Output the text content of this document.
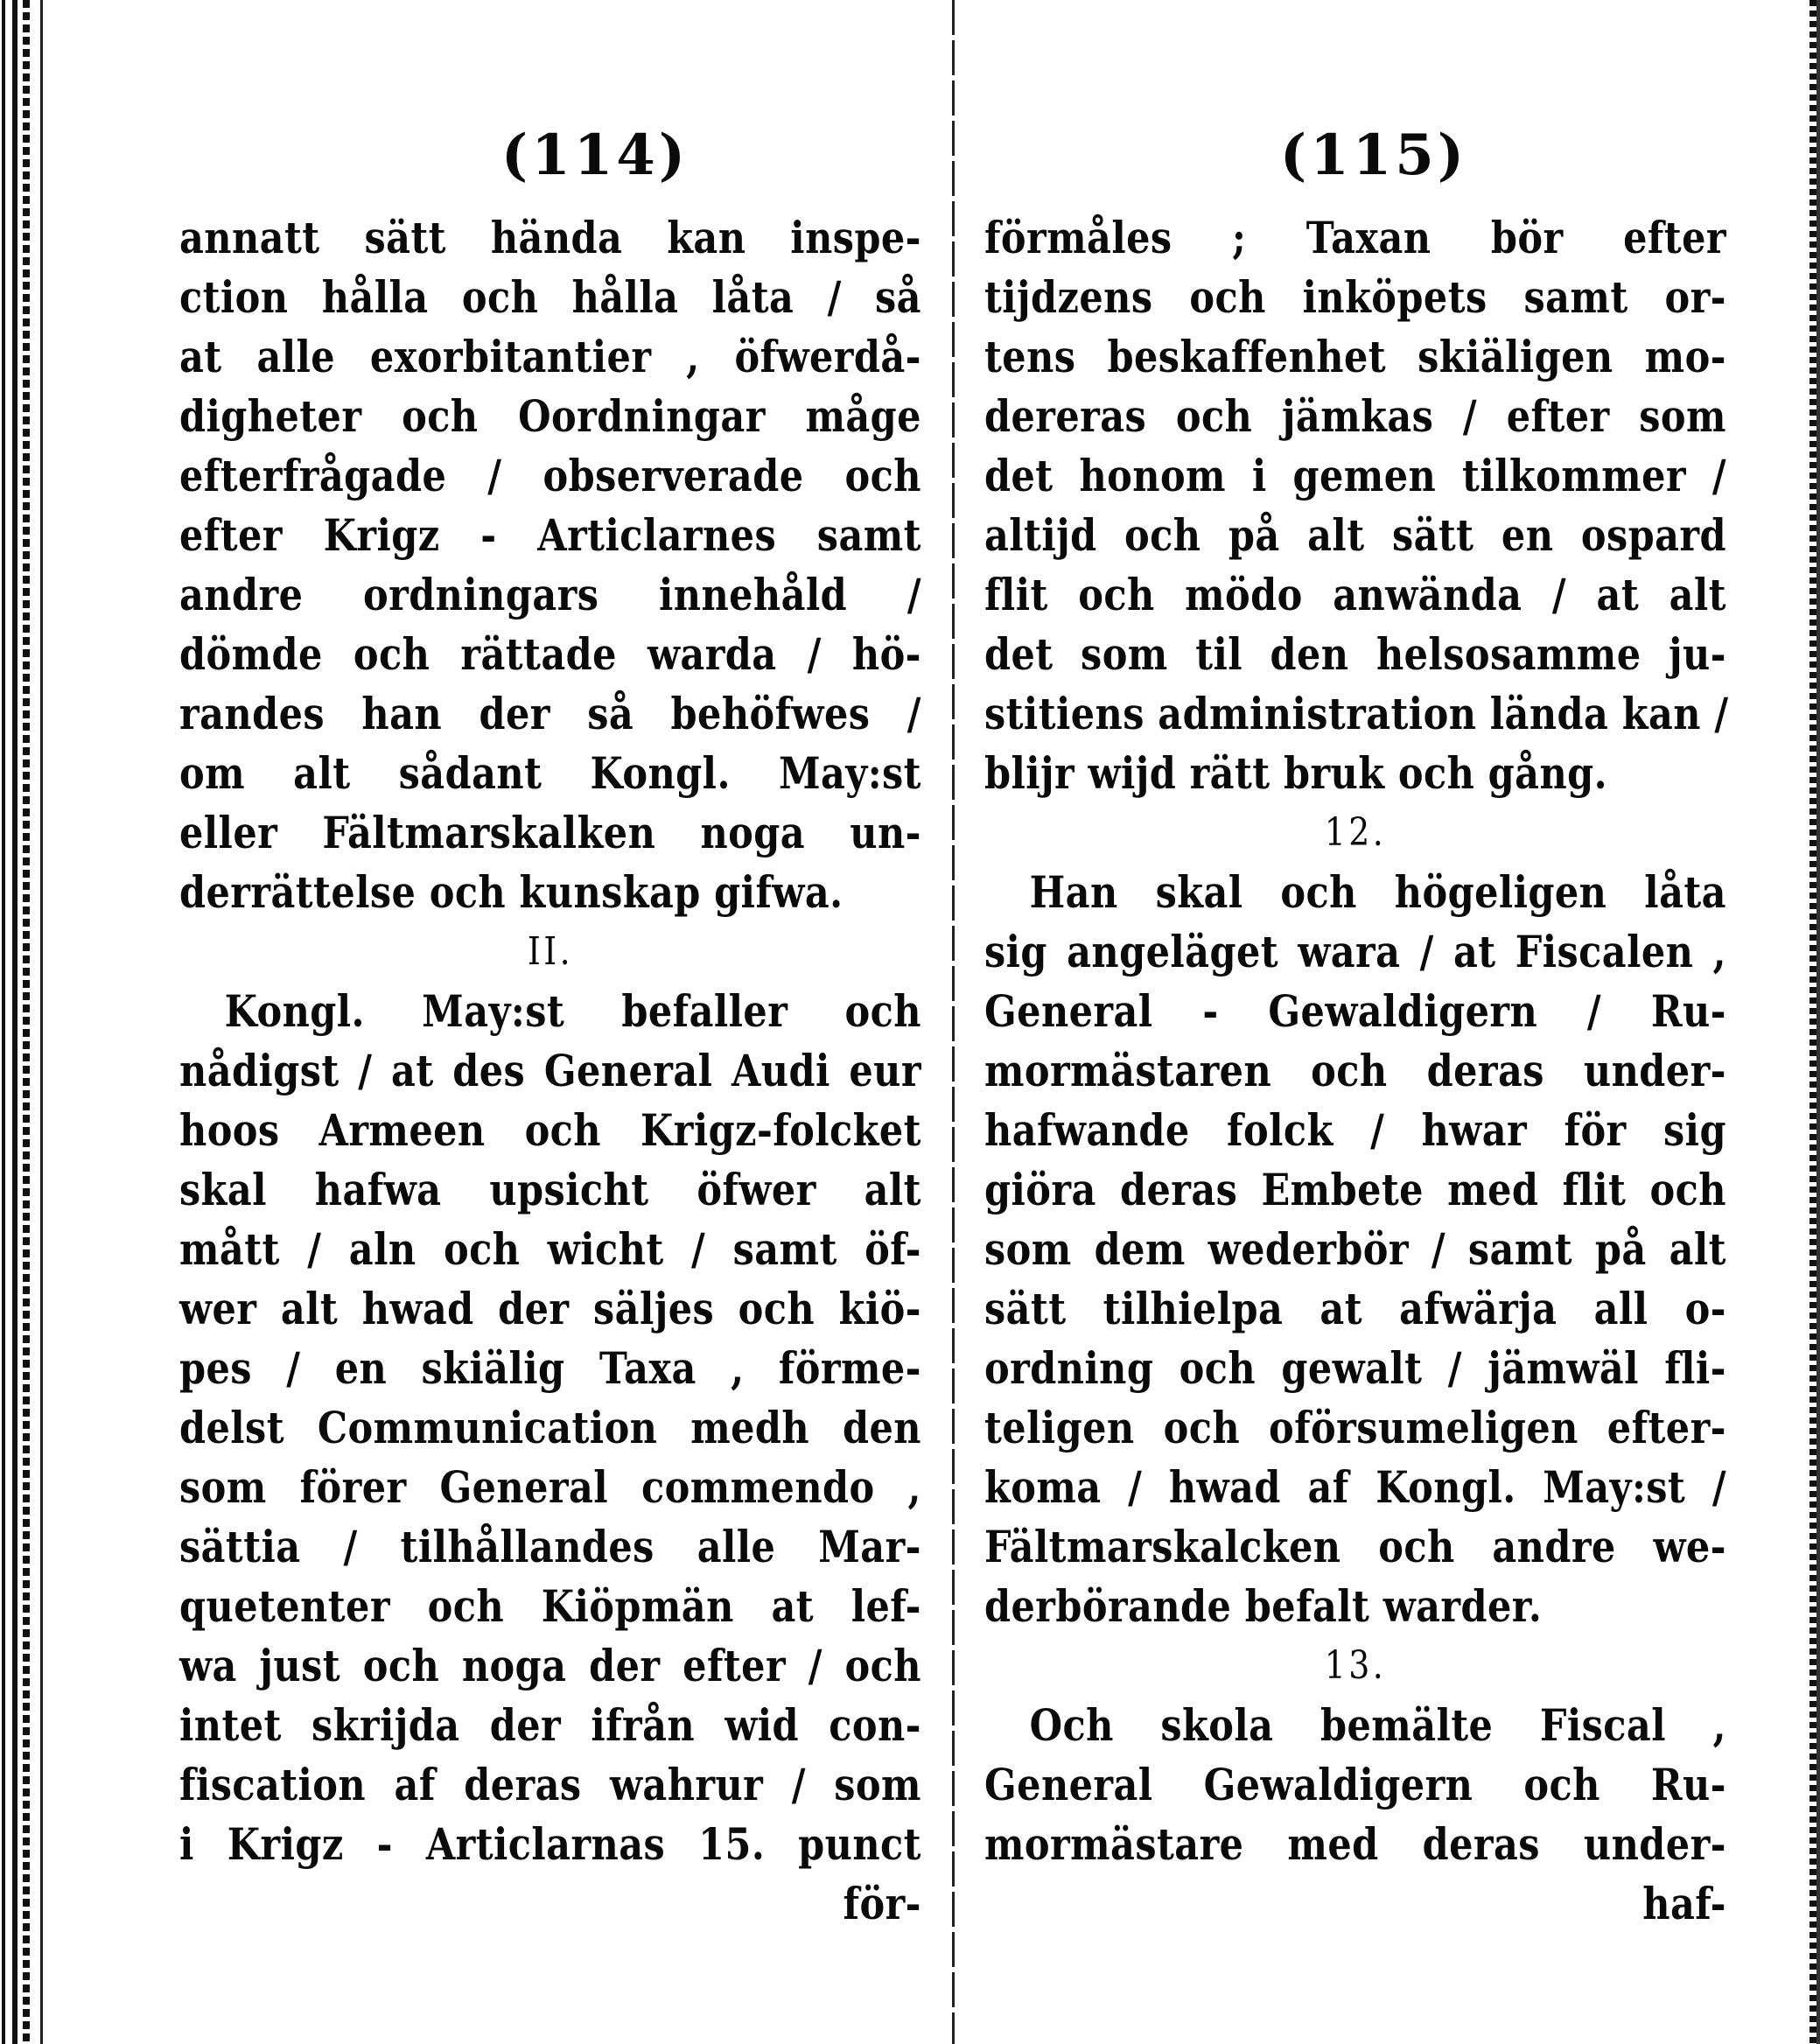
(114)
annatt sätt hända kan inspe-
ction hålla och hålla låta / så
at alle exorbitantier , öfwerdå-
digheter och Oordningar måge
efterfrågade / observerade och
efter Krigz - Articlarnes samt
andre ordningars innehåld /
dömde och rättade warda / hö-
randes han der så behöfwes /
om alt sådant Kongl. May:st
eller Fältmarskalken noga un-
derrättelse och kunskap gifwa.
II.
Kongl. May:st befaller och
nådigst / at des General Audi eur
hoos Armeen och Krigz-folcket
skal hafwa upsicht öfwer alt
mått / aln och wicht / samt öf-
wer alt hwad der säljes och kiö-
pes / en skiälig Taxa , förme-
delst Communication medh den
som förer General commendo ,
sättia / tilhållandes alle Mar-
quetenter och Kiöpmän at lef-
wa just och noga der efter / och
intet skrijda der ifrån wid con-
fiscation af deras wahrur / som
i Krigz - Articlarnas 15. punct
för-
(115)
förmåles ; Taxan bör efter
tijdzens och inköpets samt or-
tens beskaffenhet skiäligen mo-
dereras och jämkas / efter som
det honom i gemen tilkommer /
altijd och på alt sätt en ospard
flit och mödo anwända / at alt
det som til den helsosamme ju-
stitiens administration lända kan /
blijr wijd rätt bruk och gång.
12.
Han skal och högeligen låta
sig angeläget wara / at Fiscalen ,
General - Gewaldigern / Ru-
mormästaren och deras under-
hafwande folck / hwar för sig
giöra deras Embete med flit och
som dem wederbör / samt på alt
sätt tilhielpa at afwärja all o-
ordning och gewalt / jämwäl fli-
teligen och oförsumeligen efter-
koma / hwad af Kongl. May:st /
Fältmarskalcken och andre we-
derbörande befalt warder.
13.
Och skola bemälte Fiscal ,
General Gewaldigern och Ru-
mormästare med deras under-
haf-
